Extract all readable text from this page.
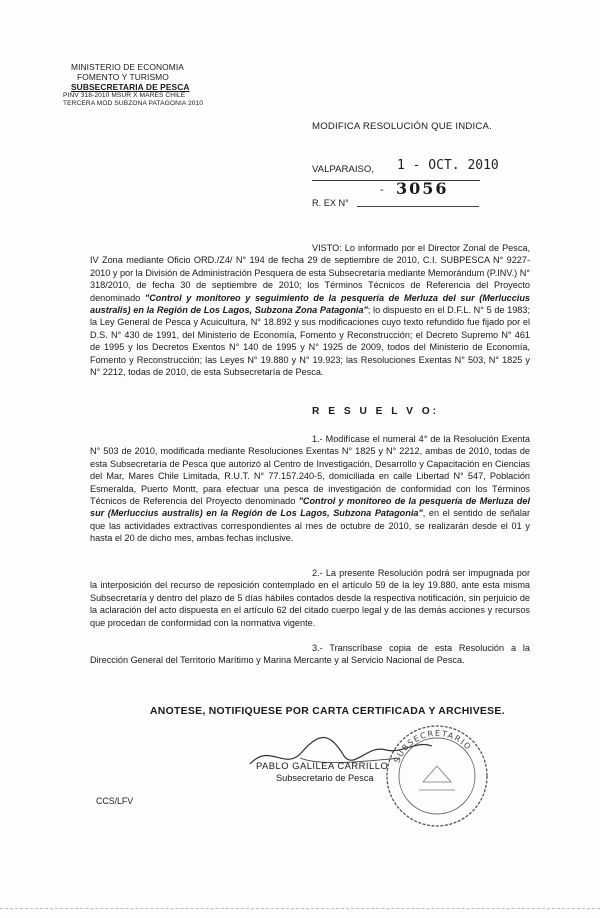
MINISTERIO DE ECONOMIA
FOMENTO Y TURISMO
SUBSECRETARIA DE PESCA
PINV 318-2010 MSUR X MARES CHILE
TERCERA MOD SUBZONA PATAGONIA 2010
MODIFICA RESOLUCIÓN QUE INDICA.
VALPARAISO, 1 - OCT. 2010
- 3056
R. EX N°

VISTO: Lo informado por el Director Zonal de Pesca, IV Zona mediante Oficio ORD./Z4/ N° 194 de fecha 29 de septiembre de 2010, C.I. SUBPESCA N° 9227-2010 y por la División de Administración Pesquera de esta Subsecretaría mediante Memorándum (P.INV.) N° 318/2010, de fecha 30 de septiembre de 2010; los Términos Técnicos de Referencia del Proyecto denominado "Control y monitoreo y seguimiento de la pesquería de Merluza del sur (Merluccius australis) en la Región de Los Lagos, Subzona Zona Patagonia"; lo dispuesto en el D.F.L. N° 5 de 1983; la Ley General de Pesca y Acuicultura, N° 18.892 y sus modificaciones cuyo texto refundido fue fijado por el D.S. N° 430 de 1991, del Ministerio de Economía, Fomento y Reconstrucción; el Decreto Supremo N° 461 de 1995 y los Decretos Exentos N° 140 de 1995 y N° 1925 de 2009, todos del Ministerio de Economía, Fomento y Reconstrucción; las Leyes N° 19.880 y N° 19.923; las Resoluciones Exentas N° 503, N° 1825 y N° 2212, todas de 2010, de esta Subsecretaría de Pesca.

R E S U E L V O:

1.- Modifícase el numeral 4° de la Resolución Exenta N° 503 de 2010, modificada mediante Resoluciones Exentas N° 1825 y N° 2212, ambas de 2010, todas de esta Subsecretaría de Pesca que autorizó al Centro de Investigación, Desarrollo y Capacitación en Ciencias del Mar, Mares Chile Limitada, R.U.T. N° 77.157.240-5, domiciliada en calle Libertad N° 547, Población Esmeralda, Puerto Montt, para efectuar una pesca de investigación de conformidad con los Términos Técnicos de Referencia del Proyecto denominado "Control y monitoreo de la pesquería de Merluza del sur (Merluccius australis) en la Región de Los Lagos, Subzona Patagonia", en el sentido de señalar que las actividades extractivas correspondientes al mes de octubre de 2010, se realizarán desde el 01 y hasta el 20 de dicho mes, ambas fechas inclusive.

2.- La presente Resolución podrá ser impugnada por la interposición del recurso de reposición contemplado en el artículo 59 de la ley 19.880, ante esta misma Subsecretaría y dentro del plazo de 5 días hábiles contados desde la respectiva notificación, sin perjuicio de la aclaración del acto dispuesta en el artículo 62 del citado cuerpo legal y de las demás acciones y recursos que procedan de conformidad con la normativa vigente.

3.- Transcríbase copia de esta Resolución a la Dirección General del Territorio Marítimo y Marina Mercante y al Servicio Nacional de Pesca.

ANOTESE, NOTIFIQUESE POR CARTA CERTIFICADA Y ARCHIVESE.
SUBSECRETARIO
PABLO GALILEA CARRILLO
Subsecretario de Pesca
CCS/LFV
